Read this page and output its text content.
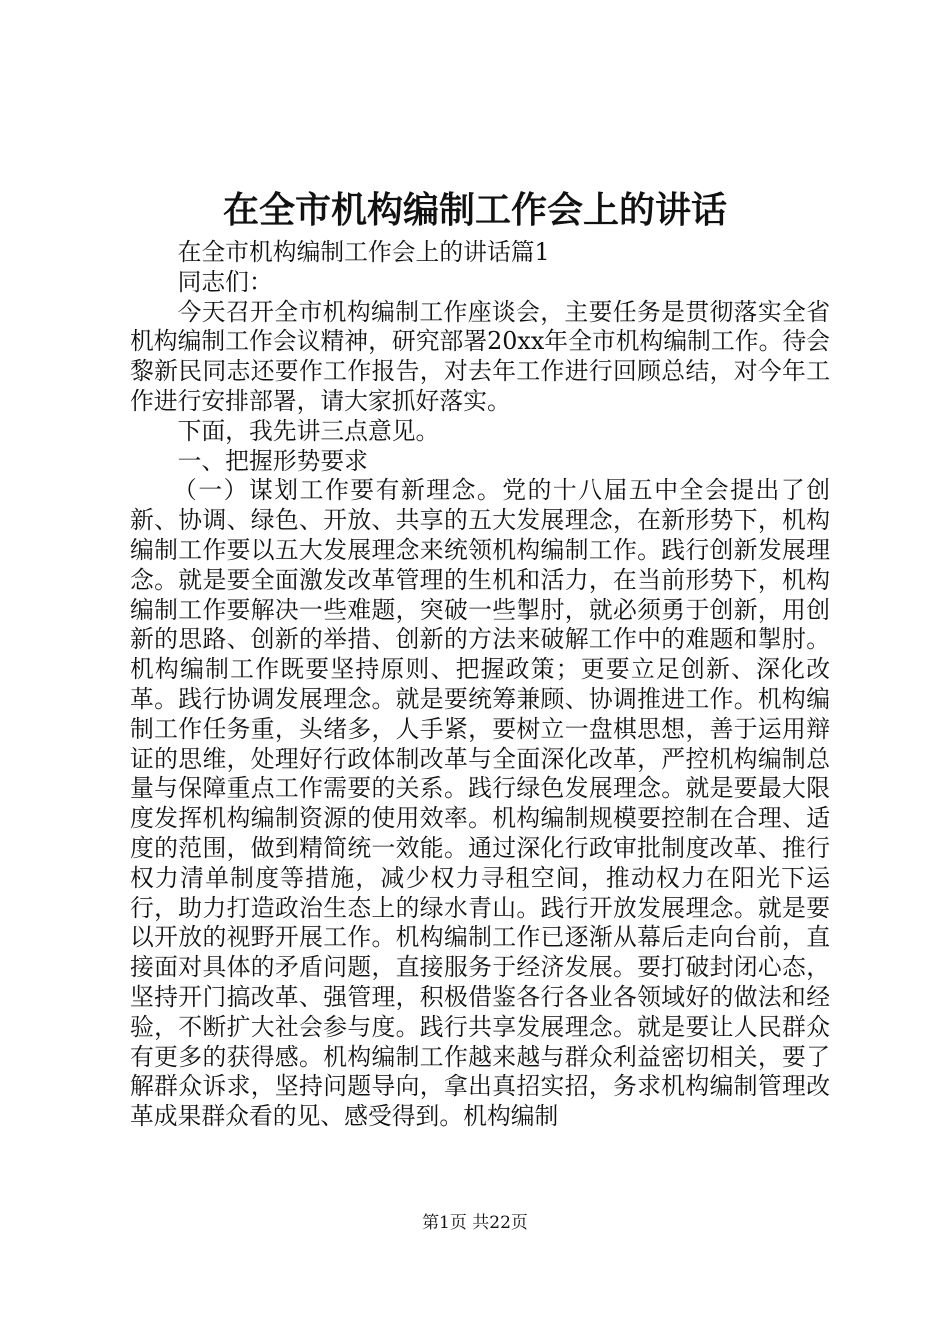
在全市机构编制工作会上的讲话

在全市机构编制工作会上的讲话篇1

同志们：

今天召开全市机构编制工作座谈会，主要任务是贯彻落实全省机构编制工作会议精神，研究部署20xx年全市机构编制工作。待会黎新民同志还要作工作报告，对去年工作进行回顾总结，对今年工作进行安排部署，请大家抓好落实。

下面，我先讲三点意见。

一、把握形势要求

（一）谋划工作要有新理念。党的十八届五中全会提出了创新、协调、绿色、开放、共享的五大发展理念，在新形势下，机构编制工作要以五大发展理念来统领机构编制工作。践行创新发展理念。就是要全面激发改革管理的生机和活力，在当前形势下，机构编制工作要解决一些难题，突破一些掣肘，就必须勇于创新，用创新的思路、创新的举措、创新的方法来破解工作中的难题和掣肘。机构编制工作既要坚持原则、把握政策；更要立足创新、深化改革。践行协调发展理念。就是要统筹兼顾、协调推进工作。机构编制工作任务重，头绪多，人手紧，要树立一盘棋思想，善于运用辩证的思维，处理好行政体制改革与全面深化改革，严控机构编制总量与保障重点工作需要的关系。践行绿色发展理念。就是要最大限度发挥机构编制资源的使用效率。机构编制规模要控制在合理、适度的范围，做到精简统一效能。通过深化行政审批制度改革、推行权力清单制度等措施，减少权力寻租空间，推动权力在阳光下运行，助力打造政治生态上的绿水青山。践行开放发展理念。就是要以开放的视野开展工作。机构编制工作已逐渐从幕后走向台前，直接面对具体的矛盾问题，直接服务于经济发展。要打破封闭心态，坚持开门搞改革、强管理，积极借鉴各行各业各领域好的做法和经验，不断扩大社会参与度。践行共享发展理念。就是要让人民群众有更多的获得感。机构编制工作越来越与群众利益密切相关，要了解群众诉求，坚持问题导向，拿出真招实招，务求机构编制管理改革成果群众看的见、感受得到。机构编制

第1页 共22页
